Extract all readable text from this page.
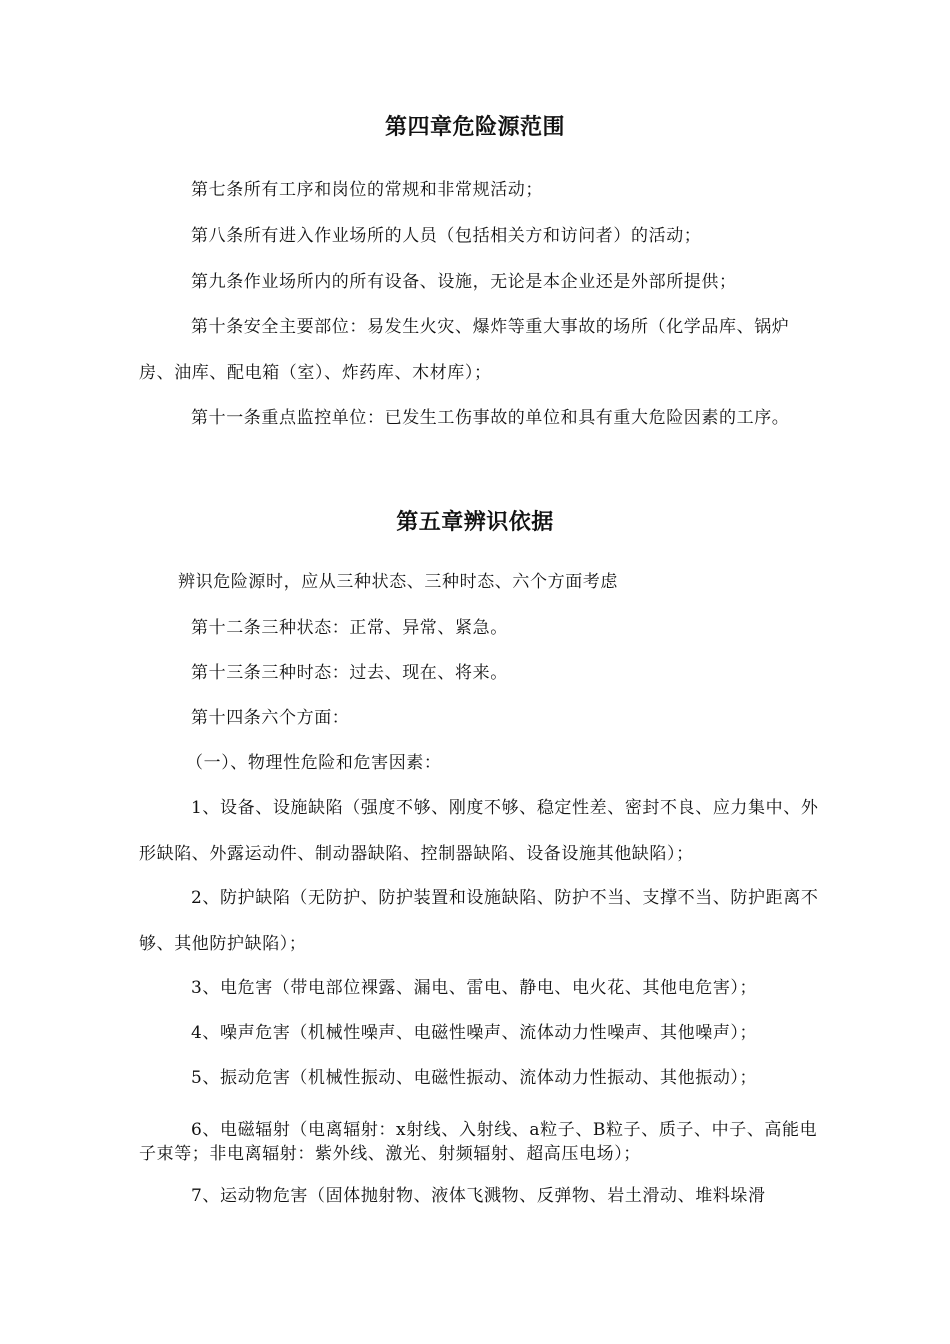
第四章危险源范围
第七条所有工序和岗位的常规和非常规活动；
第八条所有进入作业场所的人员（包括相关方和访问者）的活动；
第九条作业场所内的所有设备、设施，无论是本企业还是外部所提供；
第十条安全主要部位：易发生火灾、爆炸等重大事故的场所（化学品库、锅炉房、油库、配电箱（室）、炸药库、木材库）；
第十一条重点监控单位：已发生工伤事故的单位和具有重大危险因素的工序。
第五章辨识依据
辨识危险源时，应从三种状态、三种时态、六个方面考虑
第十二条三种状态：正常、异常、紧急。
第十三条三种时态：过去、现在、将来。
第十四条六个方面：
（一）、物理性危险和危害因素：
1、设备、设施缺陷（强度不够、刚度不够、稳定性差、密封不良、应力集中、外形缺陷、外露运动件、制动器缺陷、控制器缺陷、设备设施其他缺陷）；
2、防护缺陷（无防护、防护装置和设施缺陷、防护不当、支撑不当、防护距离不够、其他防护缺陷）；
3、电危害（带电部位裸露、漏电、雷电、静电、电火花、其他电危害）；
4、噪声危害（机械性噪声、电磁性噪声、流体动力性噪声、其他噪声）；
5、振动危害（机械性振动、电磁性振动、流体动力性振动、其他振动）；
6、电磁辐射（电离辐射：x射线、入射线、a粒子、B粒子、质子、中子、高能电子束等；非电离辐射：紫外线、激光、射频辐射、超高压电场）；
7、运动物危害（固体抛射物、液体飞溅物、反弹物、岩土滑动、堆料垛滑
